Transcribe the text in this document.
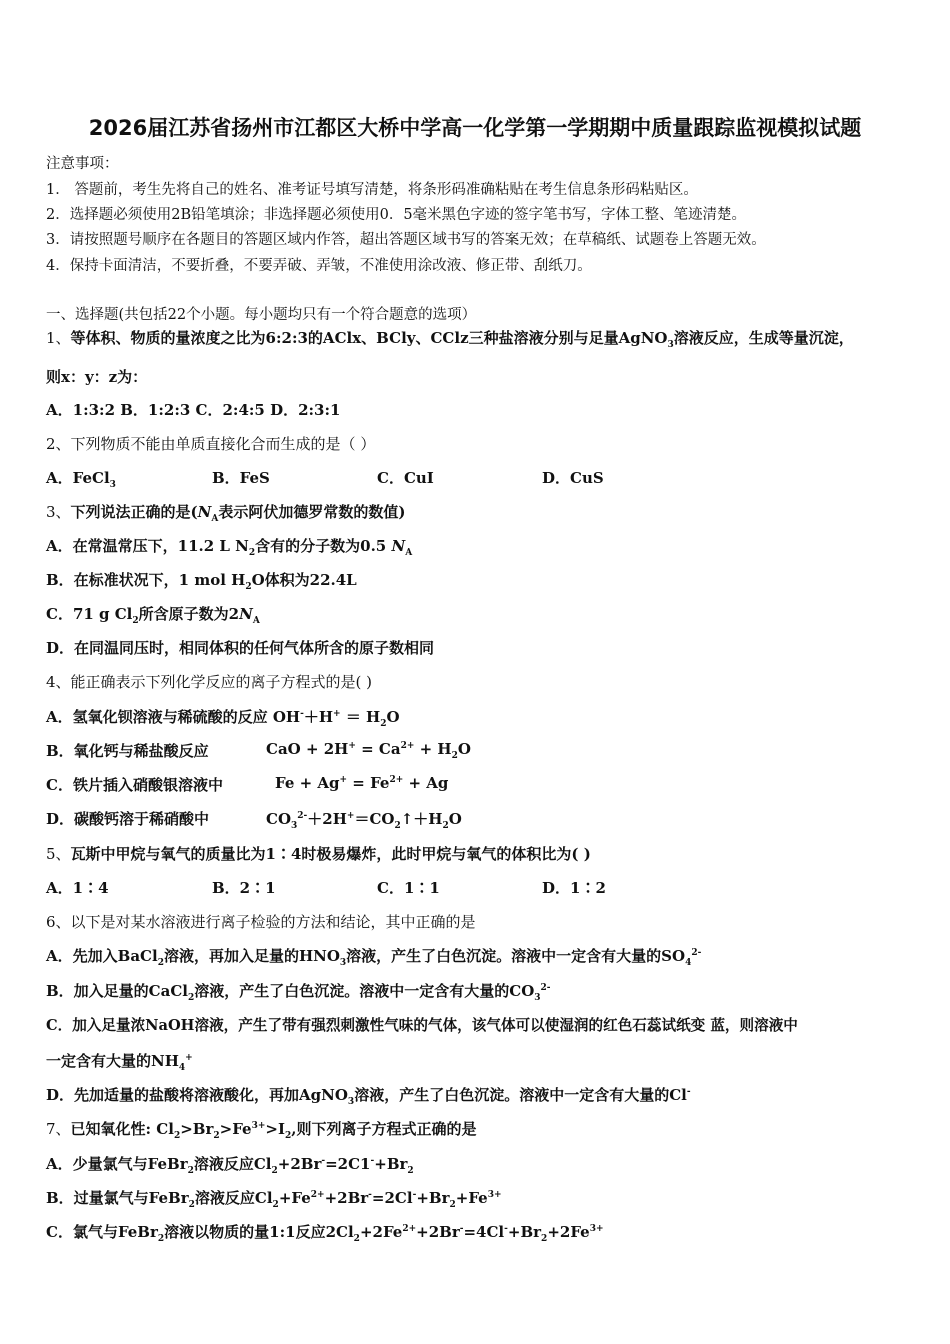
2026届江苏省扬州市江都区大桥中学高一化学第一学期期中质量跟踪监视模拟试题
注意事项：
1． 答题前，考生先将自己的姓名、准考证号填写清楚，将条形码准确粘贴在考生信息条形码粘贴区。
2．选择题必须使用2B铅笔填涂；非选择题必须使用0．5毫米黑色字迹的签字笔书写，字体工整、笔迹清楚。
3．请按照题号顺序在各题目的答题区域内作答，超出答题区域书写的答案无效；在草稿纸、试题卷上答题无效。
4．保持卡面清洁，不要折叠，不要弄破、弄皱，不准使用涂改液、修正带、刮纸刀。
一、选择题(共包括22个小题。每小题均只有一个符合题意的选项）
1、等体积、物质的量浓度之比为6:2:3的AClx、BCly、CClz三种盐溶液分别与足量AgNO$_3$溶液反应，生成等量沉淀，
则x：y：z为：
A．1:3:2 B．1:2:3 C．2:4:5 D．2:3:1
2、下列物质不能由单质直接化合而生成的是（ ）
A．FeCl$_3$	B．FeS	C．CuI	D．CuS
3、下列说法正确的是($N_A$表示阿伏加德罗常数的数值)
A．在常温常压下，11.2 L $N_2$含有的分子数为0.5 $N_A$
B．在标准状况下，1 mol $H_2O$体积为22.4L
C．71 g $Cl_2$所含原子数为$2N_A$
D．在同温同压时，相同体积的任何气体所含的原子数相同
4、能正确表示下列化学反应的离子方程式的是( )
A．氢氧化钡溶液与稀硫酸的反应 $OH^-+H^+ = H_2O$
B．氧化钙与稀盐酸反应	CaO + $2H^+ = Ca^{2+} + H_2O$
C．铁片插入硝酸银溶液中	$Fe + Ag^+ = Fe^{2+} + Ag$
D．碳酸钙溶于稀硝酸中	$CO_3^{2-}+2H^+=CO_2↑+H_2O$
5、瓦斯中甲烷与氧气的质量比为1∶4时极易爆炸，此时甲烷与氧气的体积比为( )
A．1∶4	B．2∶1	C．1∶1	D．1∶2
6、以下是对某水溶液进行离子检验的方法和结论，其中正确的是
A．先加入BaCl$_2$溶液，再加入足量的$HNO_3$溶液，产生了白色沉淀。溶液中一定含有大量的$SO_4^{2-}$
B．加入足量的CaCl$_2$溶液，产生了白色沉淀。溶液中一定含有大量的$CO_3^{2-}$
C．加入足量浓NaOH溶液，产生了带有强烈刺激性气味的气体，该气体可以使湿润的红色石蕊试纸变 蓝，则溶液中
一定含有大量的$NH_4^+$
D．先加适量的盐酸将溶液酸化，再加AgNO$_3$溶液，产生了白色沉淀。溶液中一定含有大量的Cl-
7、已知氧化性: $Cl_2>Br_2>Fe^{3+}>I_2$,则下列离子方程式正确的是
A．少量氯气与FeBr$_2$溶液反应$Cl_2+2Br^-=2C1^-+Br_2$
B．过量氯气与FeBr$_2$溶液反应$Cl_2+Fe^{2+}+2Br^-=2Cl^-+Br_2+Fe^{3+}$
C．氯气与FeBr$_2$溶液以物质的量1:1反应$2Cl_2+2Fe^{2+}+2Br^-=4Cl^-+Br_2+2Fe^{3+}$
